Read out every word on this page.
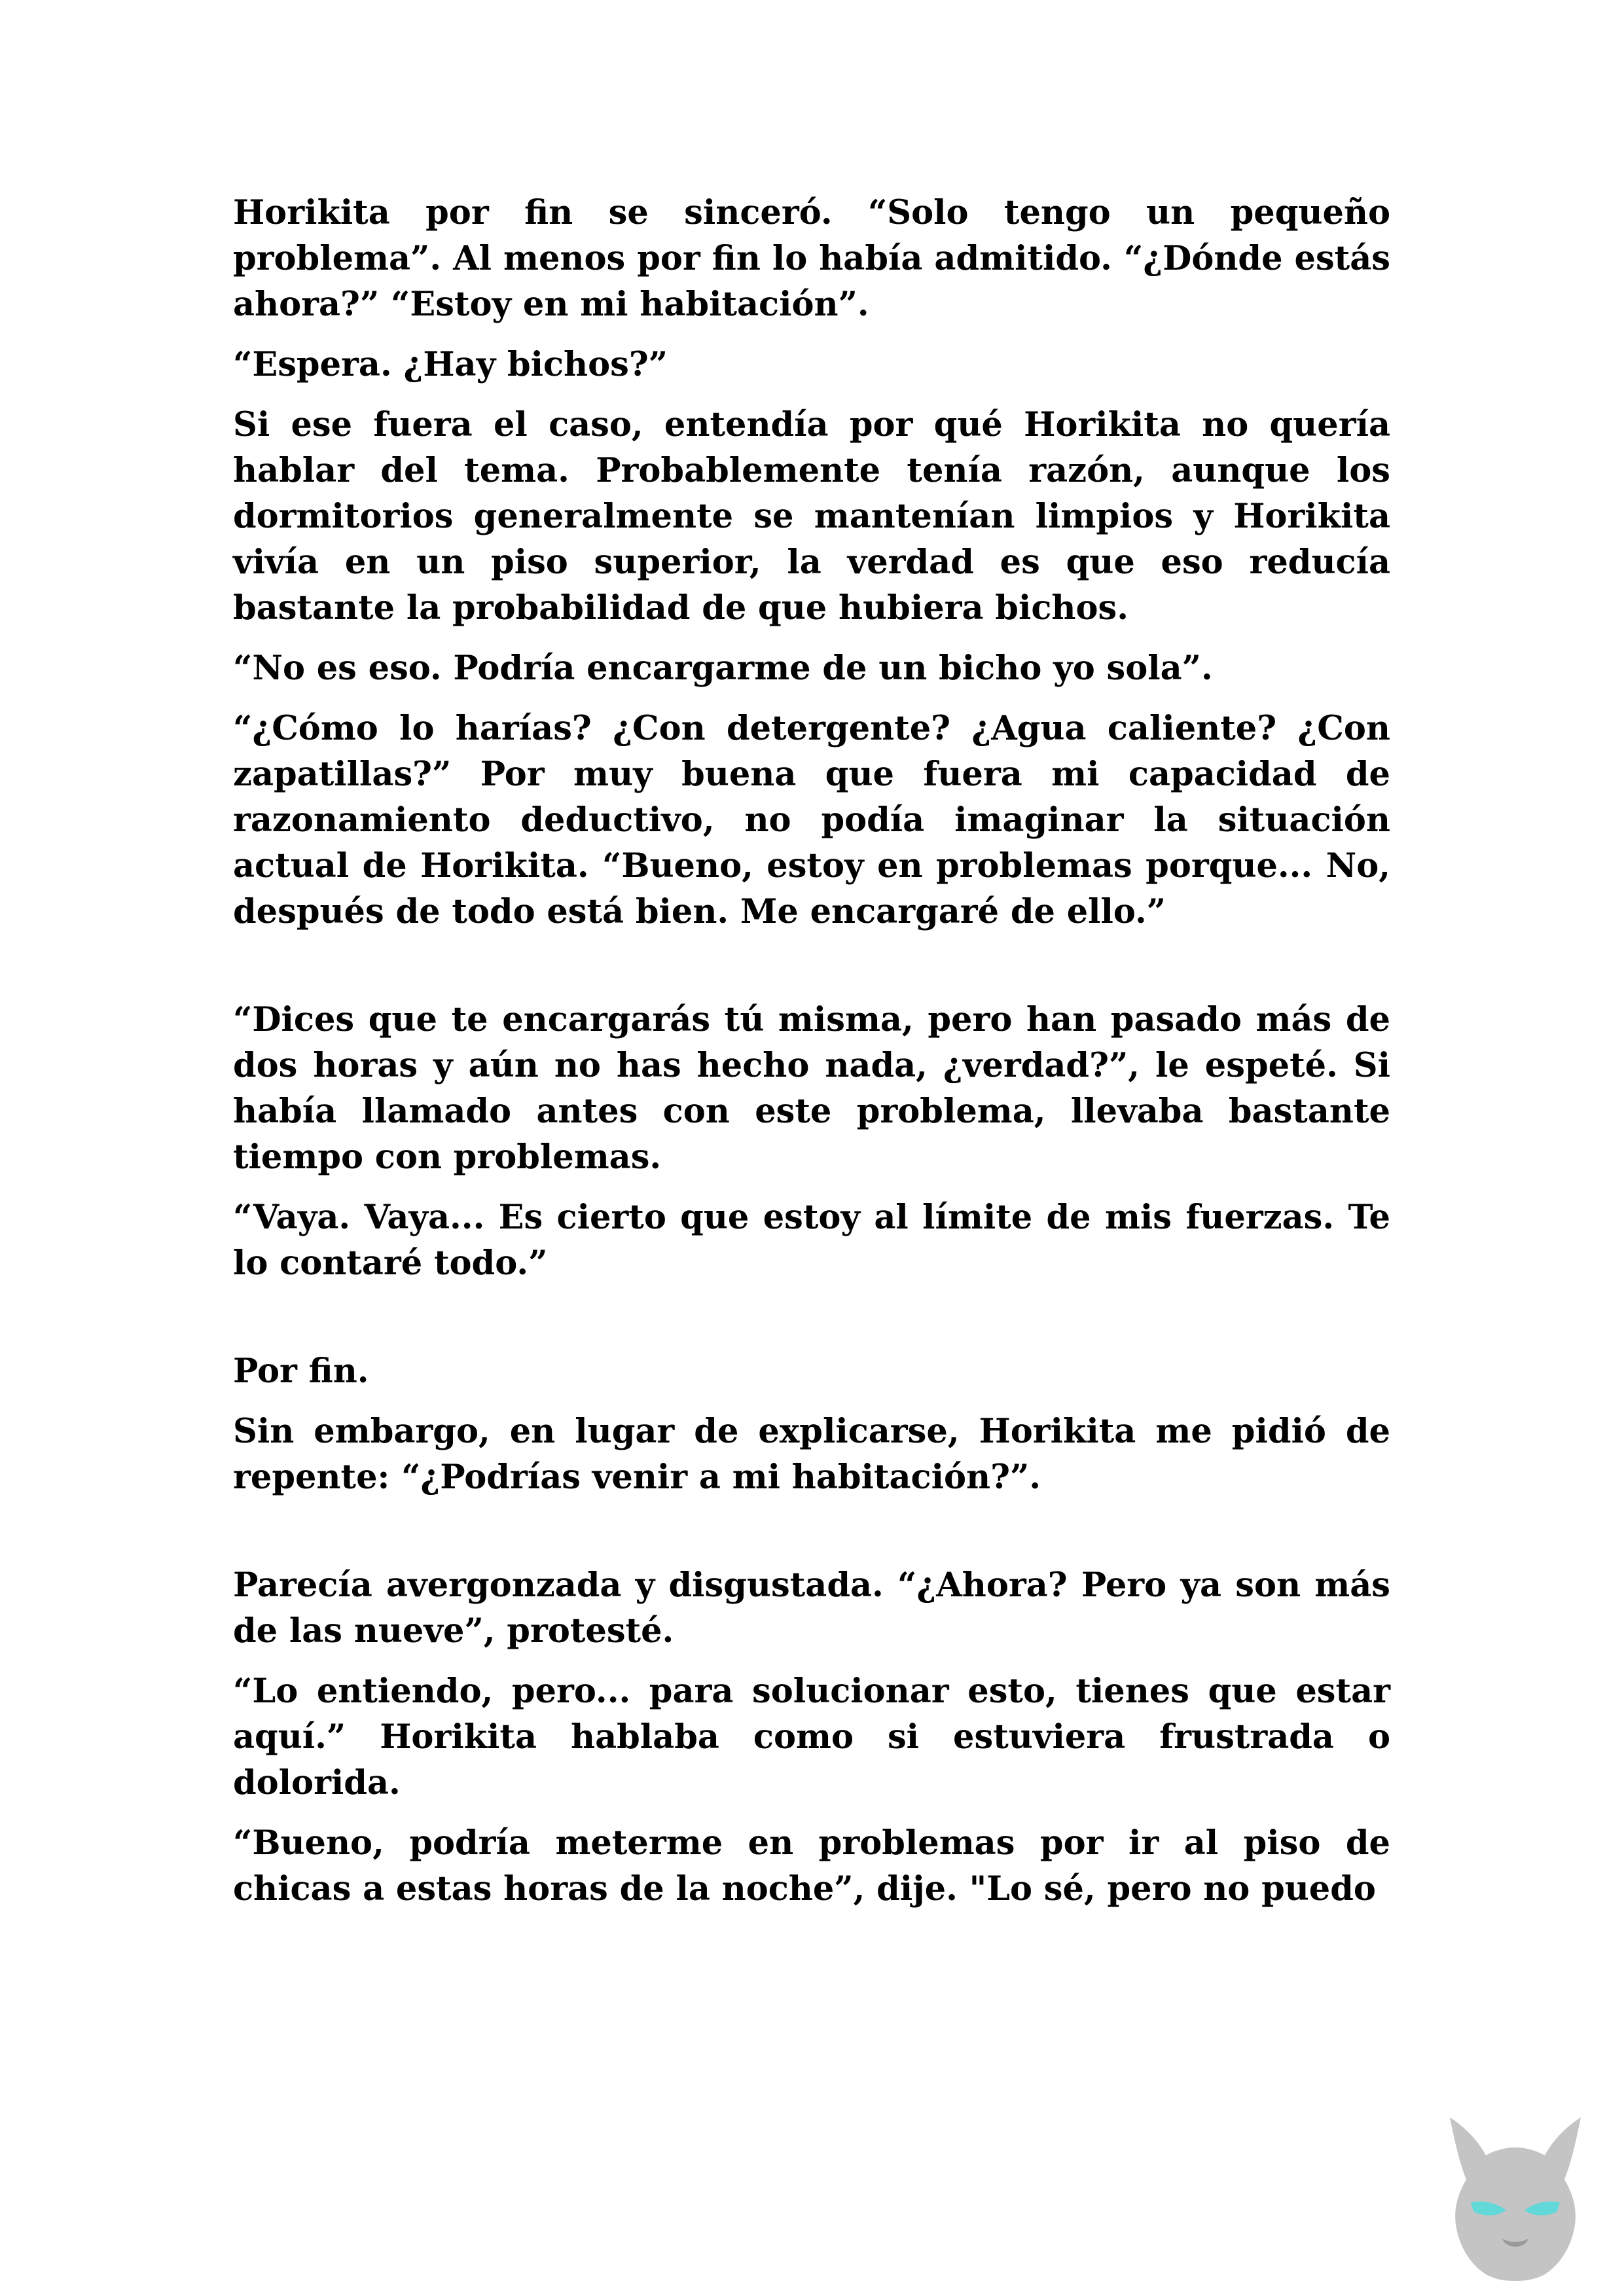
Horikita por fin se sinceró. “Solo tengo un pequeño problema”. Al menos por fin lo había admitido. “¿Dónde estás ahora?” “Estoy en mi habitación”.

“Espera. ¿Hay bichos?”

Si ese fuera el caso, entendía por qué Horikita no quería hablar del tema. Probablemente tenía razón, aunque los dormitorios generalmente se mantenían limpios y Horikita vivía en un piso superior, la verdad es que eso reducía bastante la probabilidad de que hubiera bichos.

“No es eso. Podría encargarme de un bicho yo sola”.

“¿Cómo lo harías? ¿Con detergente? ¿Agua caliente? ¿Con zapatillas?” Por muy buena que fuera mi capacidad de razonamiento deductivo, no podía imaginar la situación actual de Horikita. “Bueno, estoy en problemas porque... No, después de todo está bien. Me encargaré de ello.”

“Dices que te encargarás tú misma, pero han pasado más de dos horas y aún no has hecho nada, ¿verdad?”, le espeté. Si había llamado antes con este problema, llevaba bastante tiempo con problemas.

“Vaya. Vaya... Es cierto que estoy al límite de mis fuerzas. Te lo contaré todo.”

Por fin.

Sin embargo, en lugar de explicarse, Horikita me pidió de repente: “¿Podrías venir a mi habitación?”.

Parecía avergonzada y disgustada. “¿Ahora? Pero ya son más de las nueve”, protesté.

“Lo entiendo, pero... para solucionar esto, tienes que estar aquí.” Horikita hablaba como si estuviera frustrada o dolorida.

“Bueno, podría meterme en problemas por ir al piso de chicas a estas horas de la noche”, dije. "Lo sé, pero no puedo
